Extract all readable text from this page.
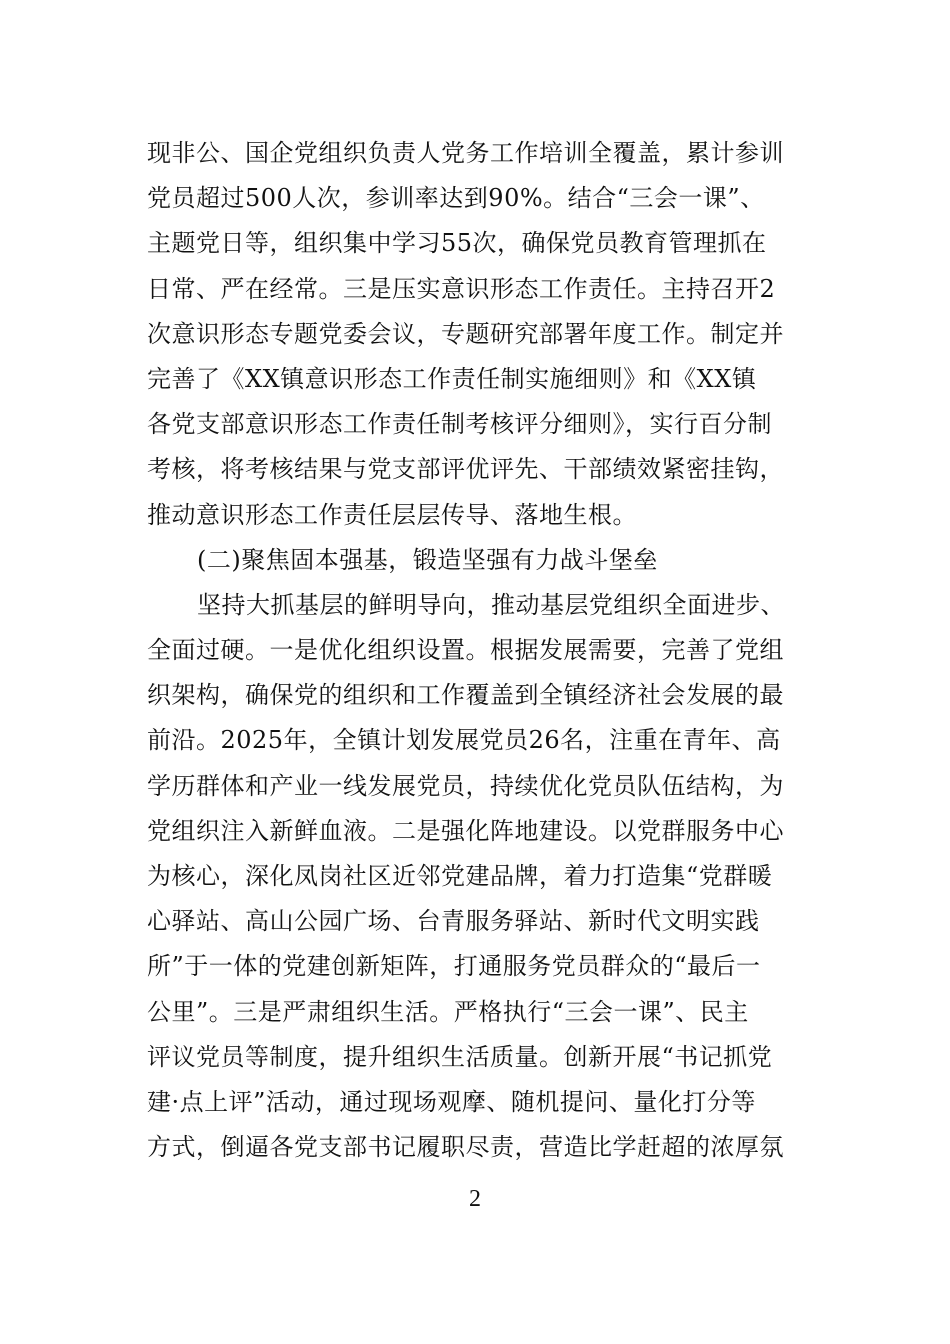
现非公、国企党组织负责人党务工作培训全覆盖，累计参训
党员超过500人次，参训率达到90%。结合“三会一课”、
主题党日等，组织集中学习55次，确保党员教育管理抓在
日常、严在经常。三是压实意识形态工作责任。主持召开2
次意识形态专题党委会议，专题研究部署年度工作。制定并
完善了《XX镇意识形态工作责任制实施细则》和《XX镇
各党支部意识形态工作责任制考核评分细则》，实行百分制
考核，将考核结果与党支部评优评先、干部绩效紧密挂钩，
推动意识形态工作责任层层传导、落地生根。
(二)聚焦固本强基，锻造坚强有力战斗堡垒
坚持大抓基层的鲜明导向，推动基层党组织全面进步、
全面过硬。一是优化组织设置。根据发展需要，完善了党组
织架构，确保党的组织和工作覆盖到全镇经济社会发展的最
前沿。2025年，全镇计划发展党员26名，注重在青年、高
学历群体和产业一线发展党员，持续优化党员队伍结构，为
党组织注入新鲜血液。二是强化阵地建设。以党群服务中心
为核心，深化凤岗社区近邻党建品牌，着力打造集“党群暖
心驿站、高山公园广场、台青服务驿站、新时代文明实践
所”于一体的党建创新矩阵，打通服务党员群众的“最后一
公里”。三是严肃组织生活。严格执行“三会一课”、民主
评议党员等制度，提升组织生活质量。创新开展“书记抓党
建·点上评”活动，通过现场观摩、随机提问、量化打分等
方式，倒逼各党支部书记履职尽责，营造比学赶超的浓厚氛
2
